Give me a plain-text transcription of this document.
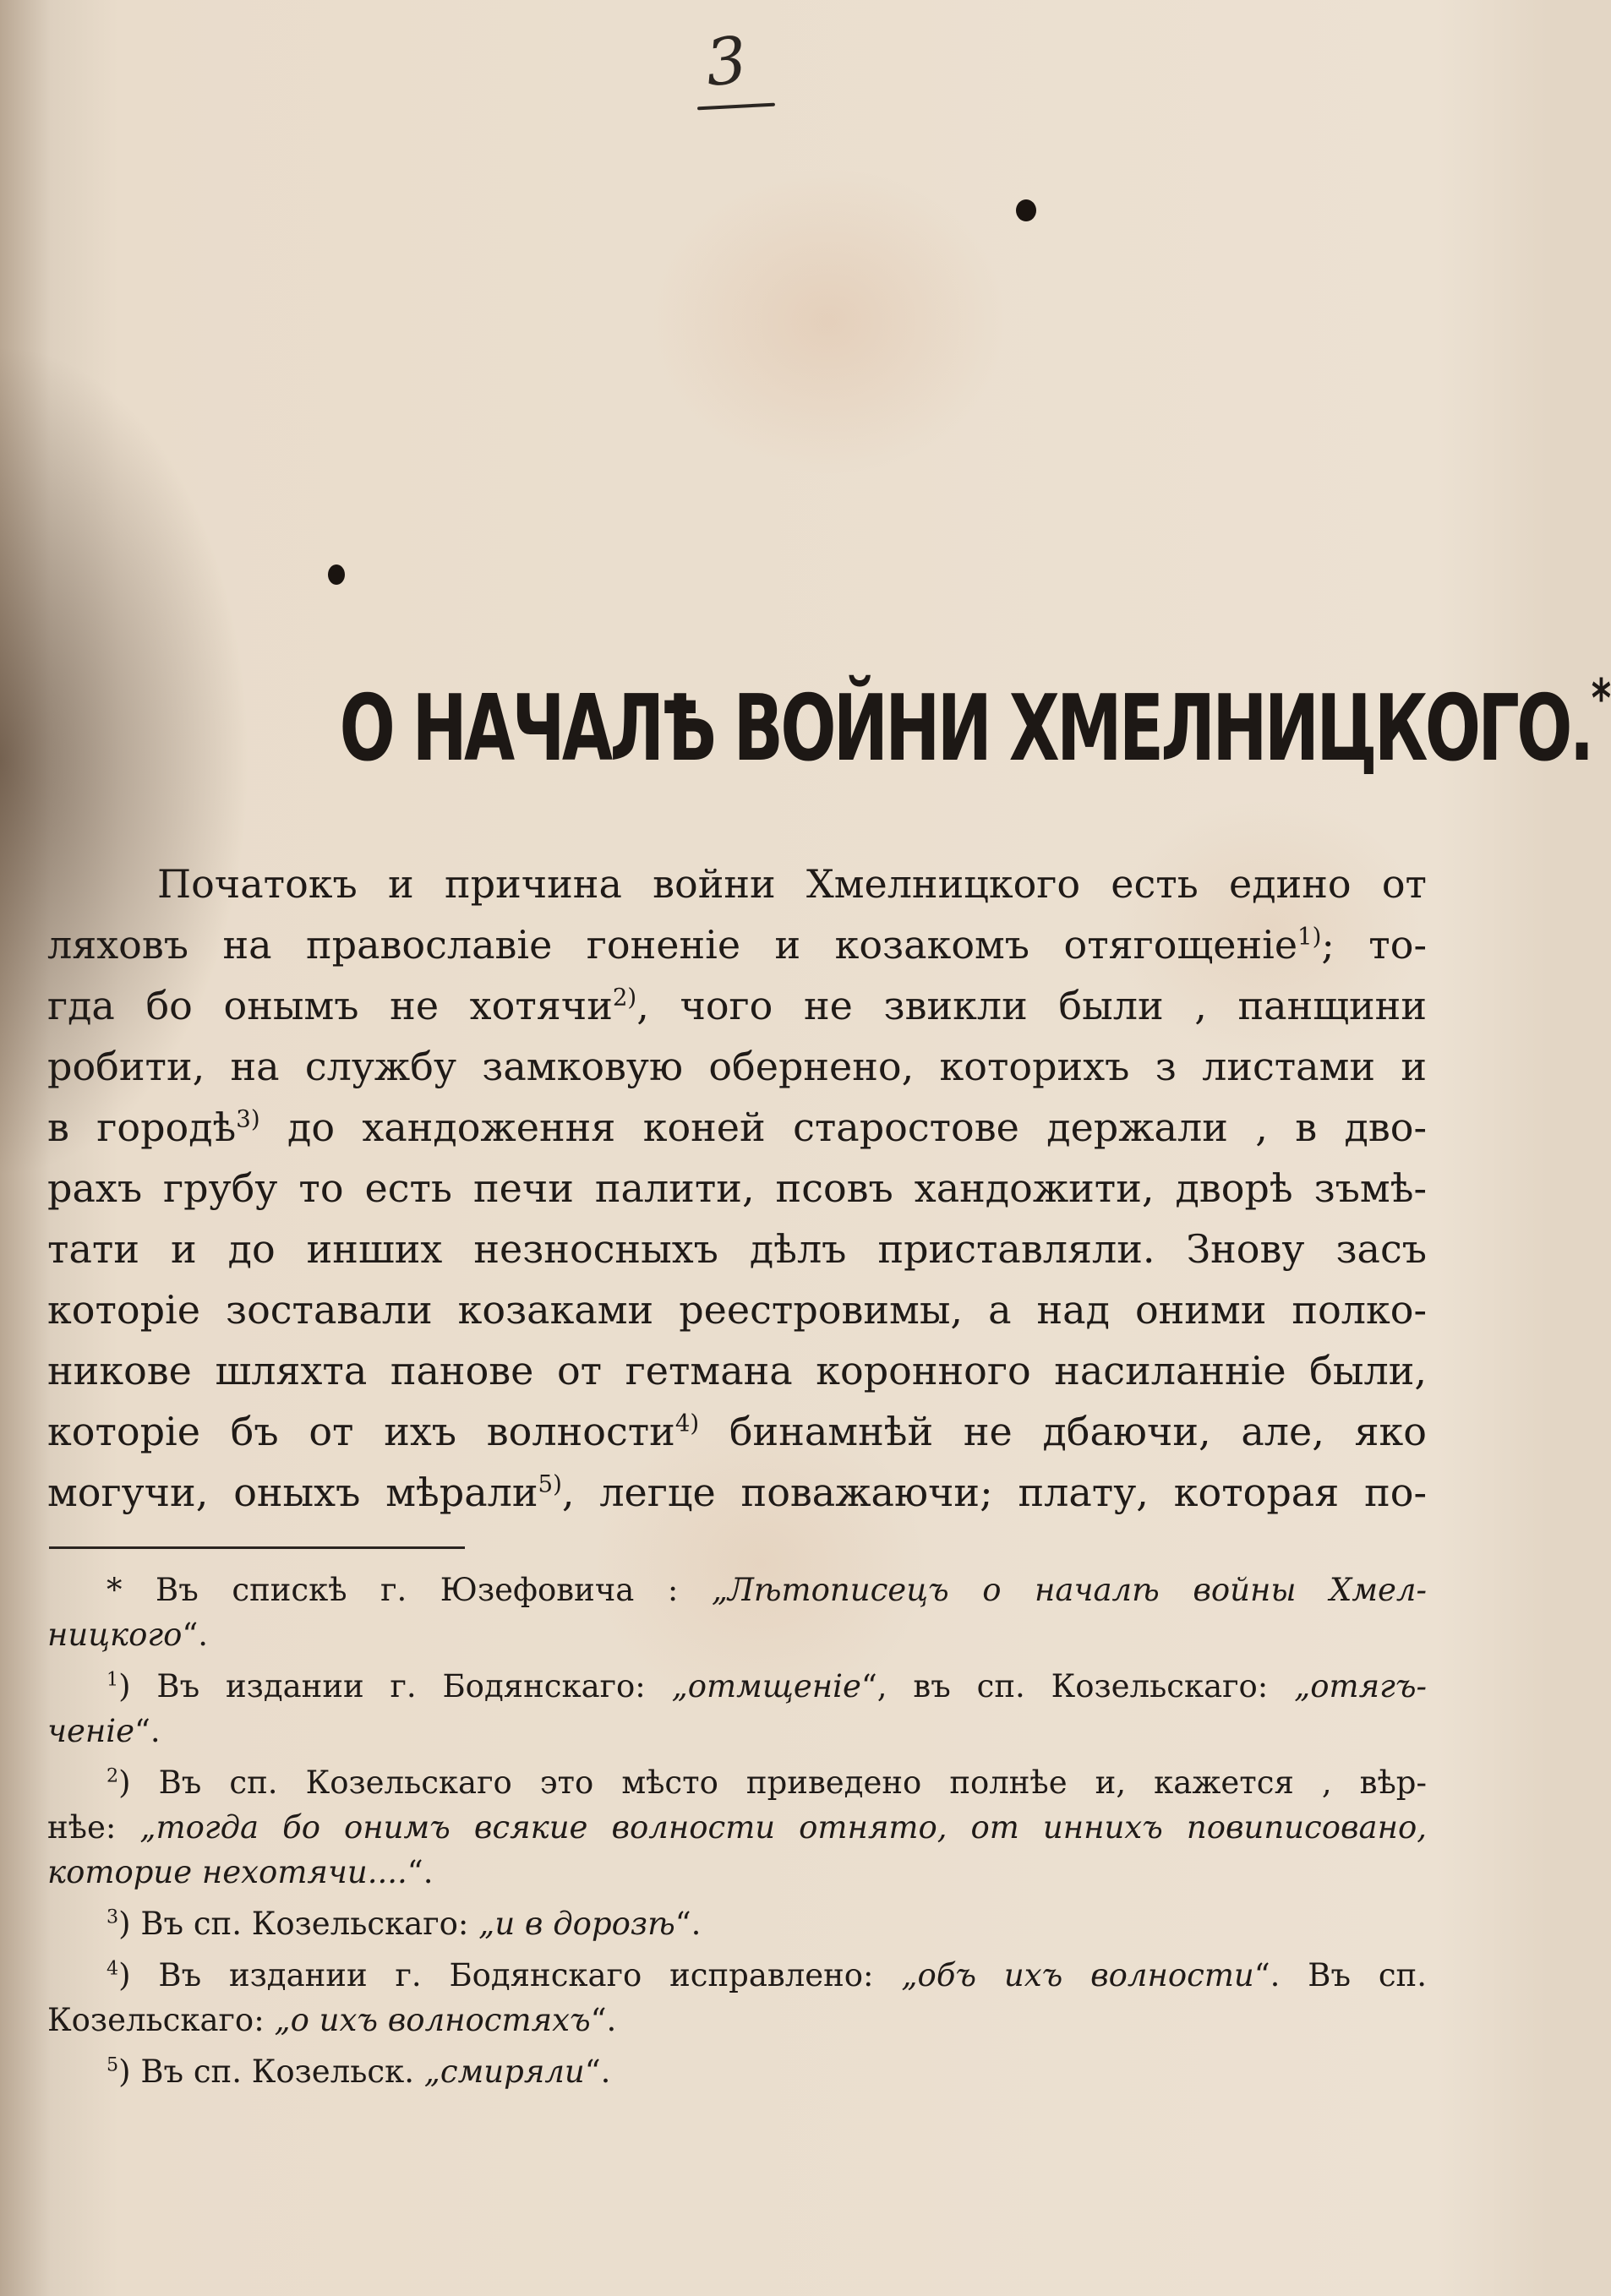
3
О НАЧАЛѢ ВОЙНИ ХМЕЛНИЦКОГО.*
Початокъ и причина войни Хмелницкого есть едино от
ляховъ на православіе гоненіе и козакомъ отягощеніе$^{1)}$; то-
гда бо онымъ не хотячи$^{2)}$, чого не звикли были , панщини
робити, на службу замковую обернено, которихъ з листами и
в городѣ$^{3)}$ до хандоження коней старостове держали , в дво-
рахъ грубу то есть печи палити, псовъ хандожити, дворѣ зъмѣ-
тати и до инших незносныхъ дѣлъ приставляли. Знову засъ
которіе зоставали козаками реестровимы, а над оними полко-
никове шляхта панове от гетмана коронного насиланніе были,
которіе бъ от ихъ волности$^{4)}$ бинамнѣй не дбаючи, але, яко
могучи, оныхъ мѣрали$^{5)}$, легце поважаючи; плату, которая по-
* Въ спискѣ г. Юзефовича : „Лѣтописецъ о началѣ войны Хмел-
ницкого“.
$^1$) Въ издании г. Бодянскаго: „отмщеніе“, въ сп. Козельскаго: „отягъ-
ченіе“.
$^2$) Въ сп. Козельскаго это мѣсто приведено полнѣе и, кажется , вѣр-
нѣе: „тогда бо онимъ всякие волности отнято, от иннихъ повиписовано,
которие нехотячи....“.
$^3$) Въ сп. Козельскаго: „и в дорозѣ“.
$^4$) Въ издании г. Бодянскаго исправлено: „объ ихъ волности“. Въ сп.
Козельскаго: „о ихъ волностяхъ“.
$^5$) Въ сп. Козельск. „смиряли“.
